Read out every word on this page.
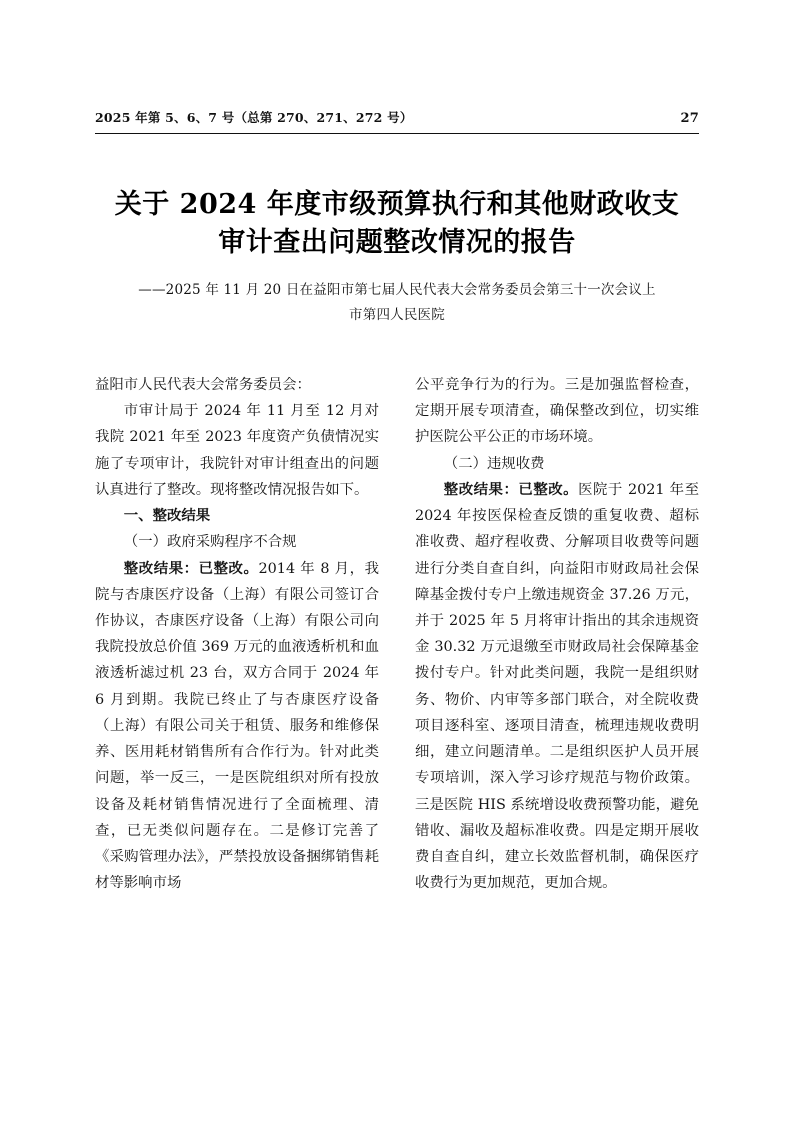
2025 年第 5、6、7 号（总第 270、271、272 号）	27
关于 2024 年度市级预算执行和其他财政收支
审计查出问题整改情况的报告
——2025 年 11 月 20 日在益阳市第七届人民代表大会常务委员会第三十一次会议上
市第四人民医院

益阳市人民代表大会常务委员会：

市审计局于 2024 年 11 月至 12 月对我院 2021 年至 2023 年度资产负债情况实施了专项审计，我院针对审计组查出的问题认真进行了整改。现将整改情况报告如下。

一、整改结果

（一）政府采购程序不合规

整改结果：已整改。2014 年 8 月，我院与杏康医疗设备（上海）有限公司签订合作协议，杏康医疗设备（上海）有限公司向我院投放总价值 369 万元的血液透析机和血液透析滤过机 23 台，双方合同于 2024 年 6 月到期。我院已终止了与杏康医疗设备（上海）有限公司关于租赁、服务和维修保养、医用耗材销售所有合作行为。针对此类问题，举一反三，一是医院组织对所有投放设备及耗材销售情况进行了全面梳理、清查，已无类似问题存在。二是修订完善了《采购管理办法》，严禁投放设备捆绑销售耗材等影响市场

公平竞争行为的行为。三是加强监督检查，定期开展专项清查，确保整改到位，切实维护医院公平公正的市场环境。

（二）违规收费

整改结果：已整改。医院于 2021 年至 2024 年按医保检查反馈的重复收费、超标准收费、超疗程收费、分解项目收费等问题进行分类自查自纠，向益阳市财政局社会保障基金拨付专户上缴违规资金 37.26 万元，并于 2025 年 5 月将审计指出的其余违规资金 30.32 万元退缴至市财政局社会保障基金拨付专户。针对此类问题，我院一是组织财务、物价、内审等多部门联合，对全院收费项目逐科室、逐项目清查，梳理违规收费明细，建立问题清单。二是组织医护人员开展专项培训，深入学习诊疗规范与物价政策。三是医院 HIS 系统增设收费预警功能，避免错收、漏收及超标准收费。四是定期开展收费自查自纠，建立长效监督机制，确保医疗收费行为更加规范，更加合规。
